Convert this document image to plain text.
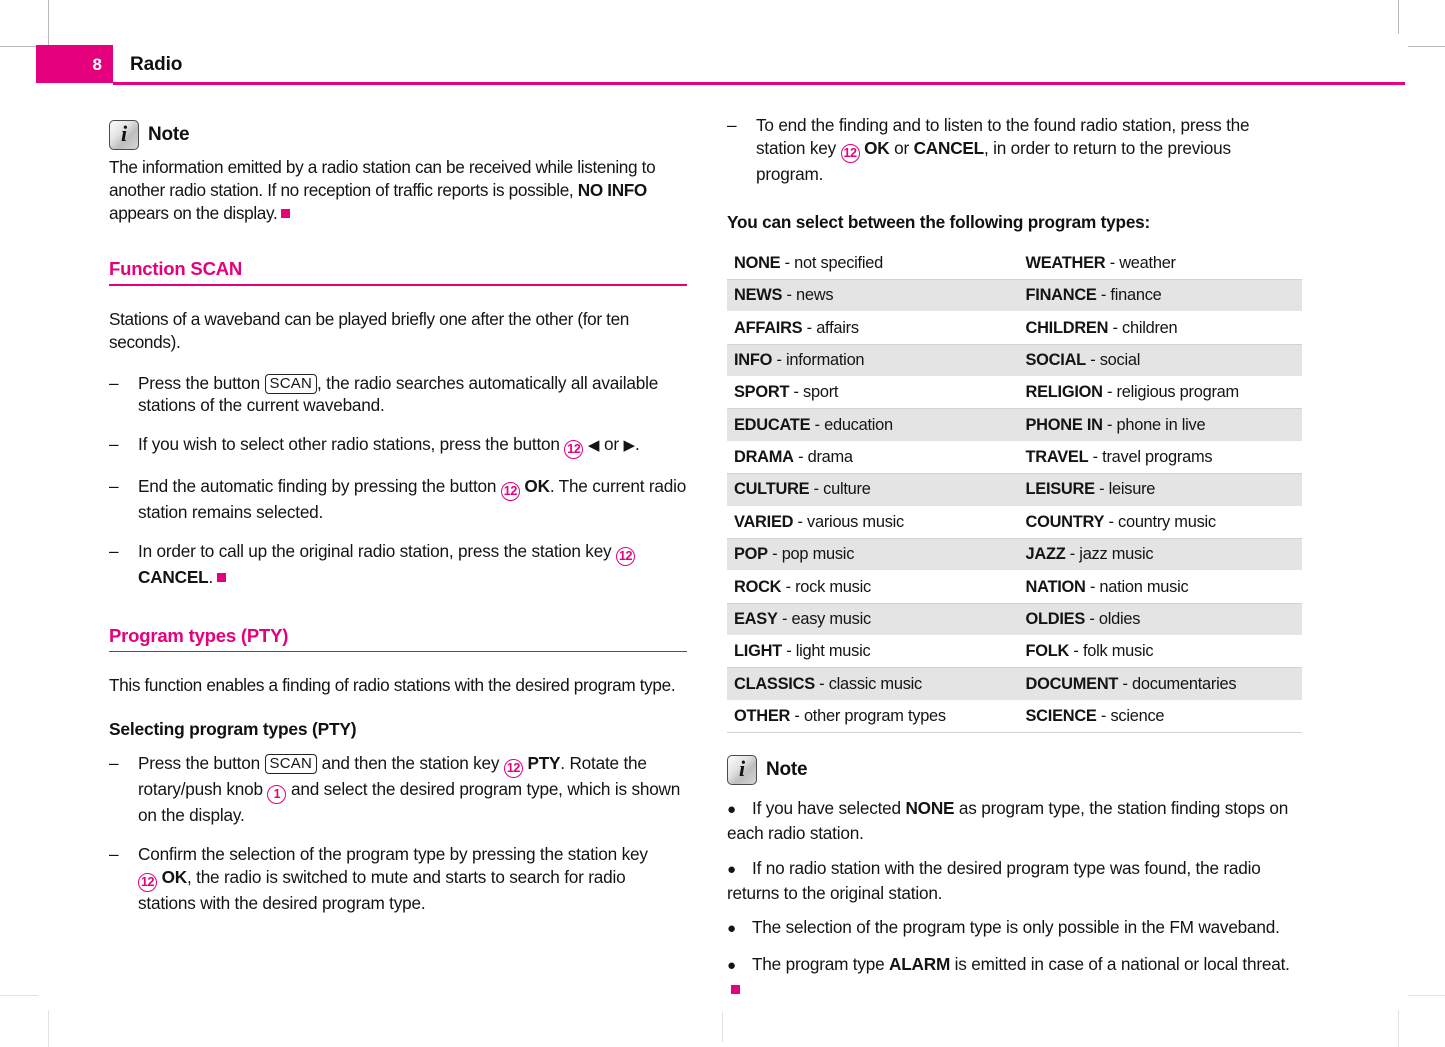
8 Radio
i Note
The information emitted by a radio station can be received while listening to another radio station. If no reception of traffic reports is possible, NO INFO appears on the display.
Function SCAN
Stations of a waveband can be played briefly one after the other (for ten seconds).
–	Press the button SCAN , the radio searches automatically all available stations of the current waveband.
–	If you wish to select other radio stations, press the button 12 ◀ or ▶.
–	End the automatic finding by pressing the button 12 OK. The current radio station remains selected.
–	In order to call up the original radio station, press the station key 12
CANCEL.
Program types (PTY)
This function enables a finding of radio stations with the desired program type.
Selecting program types (PTY)
–	Press the button SCAN and then the station key 12 PTY. Rotate the rotary/push knob 1 and select the desired program type, which is shown on the display.
–	Confirm the selection of the program type by pressing the station key
12 OK, the radio is switched to mute and starts to search for radio stations with the desired program type.
–	To end the finding and to listen to the found radio station, press the station key 12 OK or CANCEL, in order to return to the previous program.
You can select between the following program types:
NONE - not specified	WEATHER - weather
NEWS - news	FINANCE - finance
AFFAIRS - affairs	CHILDREN - children
INFO - information	SOCIAL - social
SPORT - sport	RELIGION - religious program
EDUCATE - education	PHONE IN - phone in live
DRAMA - drama	TRAVEL - travel programs
CULTURE - culture	LEISURE - leisure
VARIED - various music	COUNTRY - country music
POP - pop music	JAZZ - jazz music
ROCK - rock music	NATION - nation music
EASY - easy music	OLDIES - oldies
LIGHT - light music	FOLK - folk music
CLASSICS - classic music	DOCUMENT - documentaries
OTHER - other program types	SCIENCE - science
i Note
● If you have selected NONE as program type, the station finding stops on each radio station.
● If no radio station with the desired program type was found, the radio returns to the original station.
● The selection of the program type is only possible in the FM waveband.
● The program type ALARM is emitted in case of a national or local threat.
